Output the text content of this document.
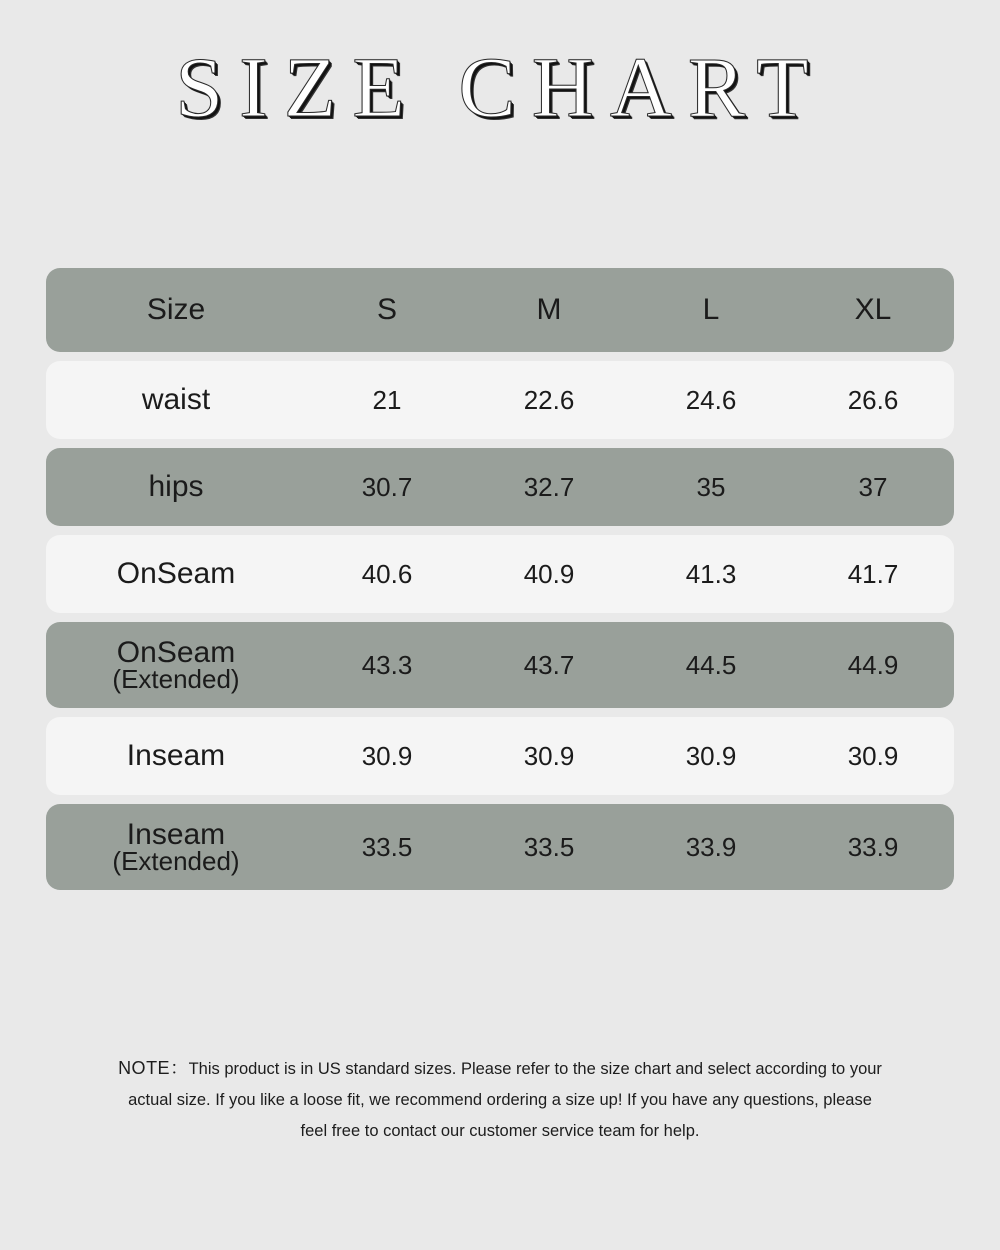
SIZE CHART
Size	S	M	L	XL
waist	21	22.6	24.6	26.6
hips	30.7	32.7	35	37
OnSeam	40.6	40.9	41.3	41.7
OnSeam
(Extended)	43.3	43.7	44.5	44.9
Inseam	30.9	30.9	30.9	30.9
Inseam
(Extended)	33.5	33.5	33.9	33.9
NOTE：This product is in US standard sizes. Please refer to the size chart and select according to your
actual size. If you like a loose fit, we recommend ordering a size up! If you have any questions, please
feel free to contact our customer service team for help.
